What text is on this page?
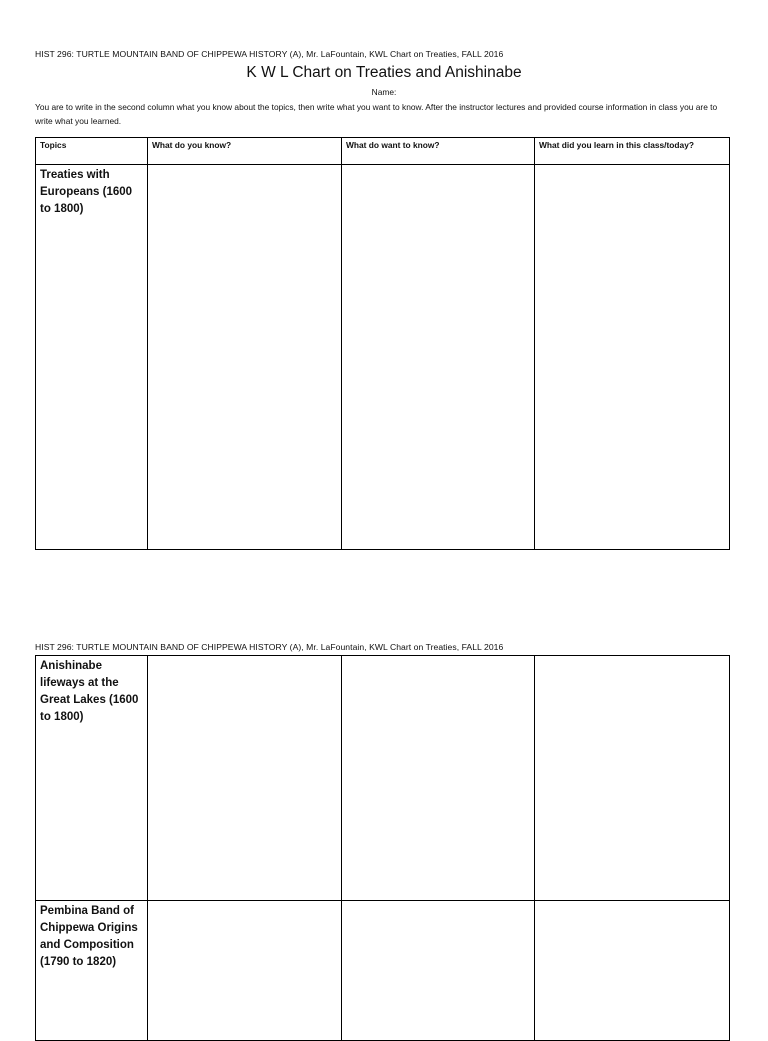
HIST 296: TURTLE MOUNTAIN BAND OF CHIPPEWA HISTORY (A), Mr. LaFountain, KWL Chart on Treaties, FALL 2016
K W L Chart on Treaties and Anishinabe
Name:
You are to write in the second column what you know about the topics, then write what you want to know. After the instructor lectures and provided course information in class you are to write what you learned.
Topics	What do you know?	What do want to know?	What did you learn in this class/today?
Treaties with Europeans (1600 to 1800)			
HIST 296: TURTLE MOUNTAIN BAND OF CHIPPEWA HISTORY (A), Mr. LaFountain, KWL Chart on Treaties, FALL 2016
Anishinabe lifeways at the Great Lakes (1600 to 1800)			
Pembina Band of Chippewa Origins and Composition (1790 to 1820)			
